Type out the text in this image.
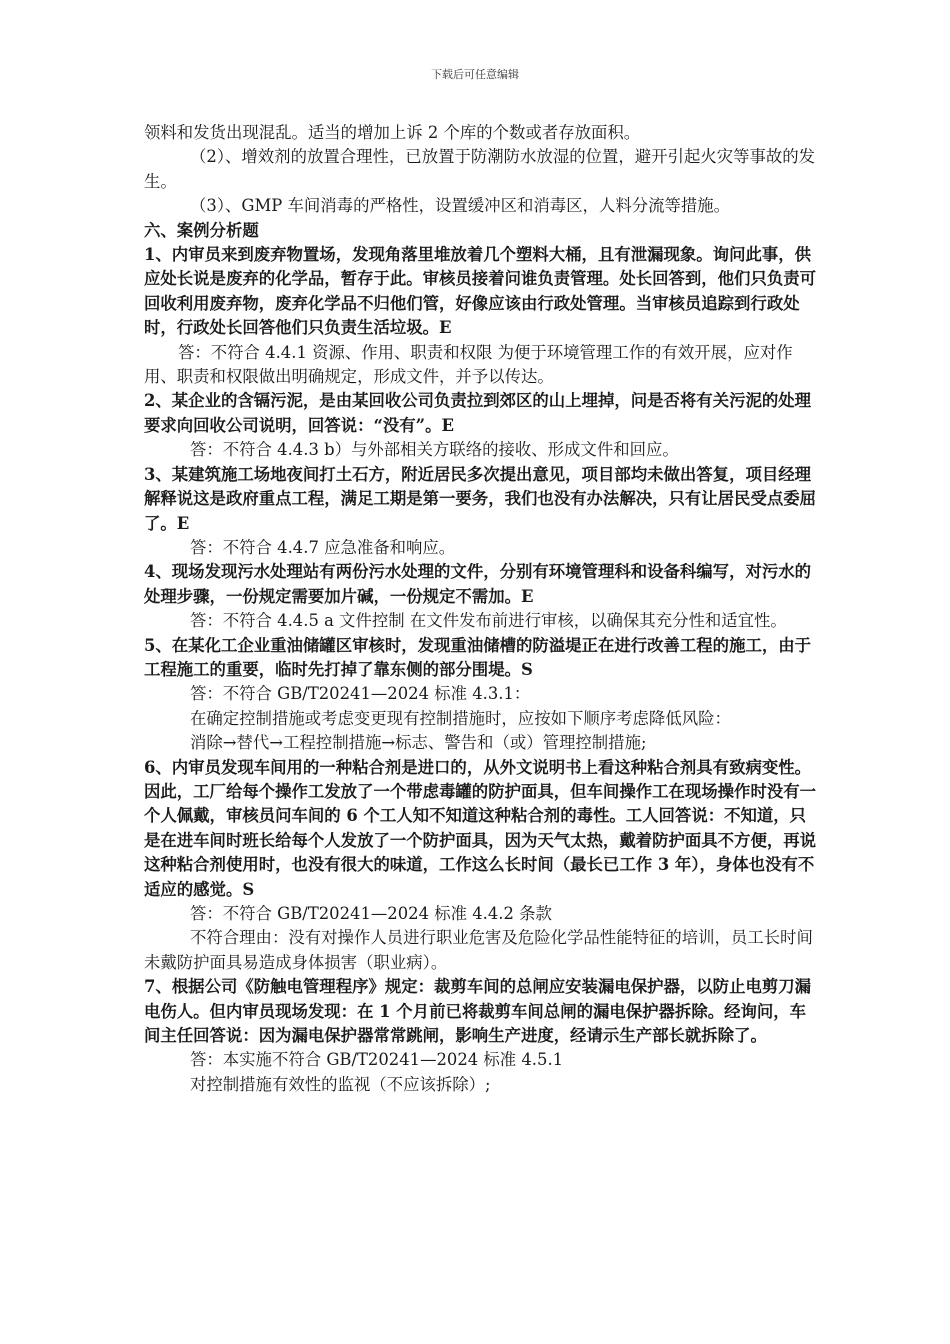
下载后可任意编辑

领料和发货出现混乱。适当的增加上诉 2 个库的个数或者存放面积。

（2）、增效剂的放置合理性，已放置于防潮防水放湿的位置，避开引起火灾等事故的发生。

（3）、GMP 车间消毒的严格性，设置缓冲区和消毒区，人料分流等措施。

六、案例分析题

1、内审员来到废弃物置场，发现角落里堆放着几个塑料大桶，且有泄漏现象。询问此事，供应处长说是废弃的化学品，暂存于此。审核员接着问谁负责管理。处长回答到，他们只负责可回收利用废弃物，废弃化学品不归他们管，好像应该由行政处管理。当审核员追踪到行政处时，行政处长回答他们只负责生活垃圾。E

答：不符合 4.4.1 资源、作用、职责和权限 为便于环境管理工作的有效开展，应对作用、职责和权限做出明确规定，形成文件，并予以传达。

2、某企业的含镉污泥，是由某回收公司负责拉到郊区的山上埋掉，问是否将有关污泥的处理要求向回收公司说明，回答说：“没有”。E

答：不符合 4.4.3 b）与外部相关方联络的接收、形成文件和回应。

3、某建筑施工场地夜间打土石方，附近居民多次提出意见，项目部均未做出答复，项目经理解释说这是政府重点工程，满足工期是第一要务，我们也没有办法解决，只有让居民受点委屈了。E

答：不符合 4.4.7 应急准备和响应。

4、现场发现污水处理站有两份污水处理的文件，分别有环境管理科和设备科编写，对污水的处理步骤，一份规定需要加片碱，一份规定不需加。E

答：不符合 4.4.5 a 文件控制 在文件发布前进行审核，以确保其充分性和适宜性。

5、在某化工企业重油储罐区审核时，发现重油储槽的防溢堤正在进行改善工程的施工，由于工程施工的重要，临时先打掉了靠东侧的部分围堤。S

答：不符合 GB/T20241—2024 标准 4.3.1：

在确定控制措施或考虑变更现有控制措施时，应按如下顺序考虑降低风险：

消除→替代→工程控制措施→标志、警告和（或）管理控制措施;

6、内审员发现车间用的一种粘合剂是进口的，从外文说明书上看这种粘合剂具有致病变性。因此，工厂给每个操作工发放了一个带虑毒罐的防护面具，但车间操作工在现场操作时没有一个人佩戴，审核员问车间的 6 个工人知不知道这种粘合剂的毒性。工人回答说：不知道，只是在进车间时班长给每个人发放了一个防护面具，因为天气太热，戴着防护面具不方便，再说这种粘合剂使用时，也没有很大的味道，工作这么长时间（最长已工作 3 年），身体也没有不适应的感觉。S

答：不符合 GB/T20241—2024 标准 4.4.2 条款

不符合理由：没有对操作人员进行职业危害及危险化学品性能特征的培训，员工长时间未戴防护面具易造成身体损害（职业病）。

7、根据公司《防触电管理程序》规定：裁剪车间的总闸应安装漏电保护器，以防止电剪刀漏电伤人。但内审员现场发现：在 1 个月前已将裁剪车间总闸的漏电保护器拆除。经询问，车间主任回答说：因为漏电保护器常常跳闸，影响生产进度，经请示生产部长就拆除了。

答：本实施不符合 GB/T20241—2024 标准 4.5.1

对控制措施有效性的监视（不应该拆除）;
